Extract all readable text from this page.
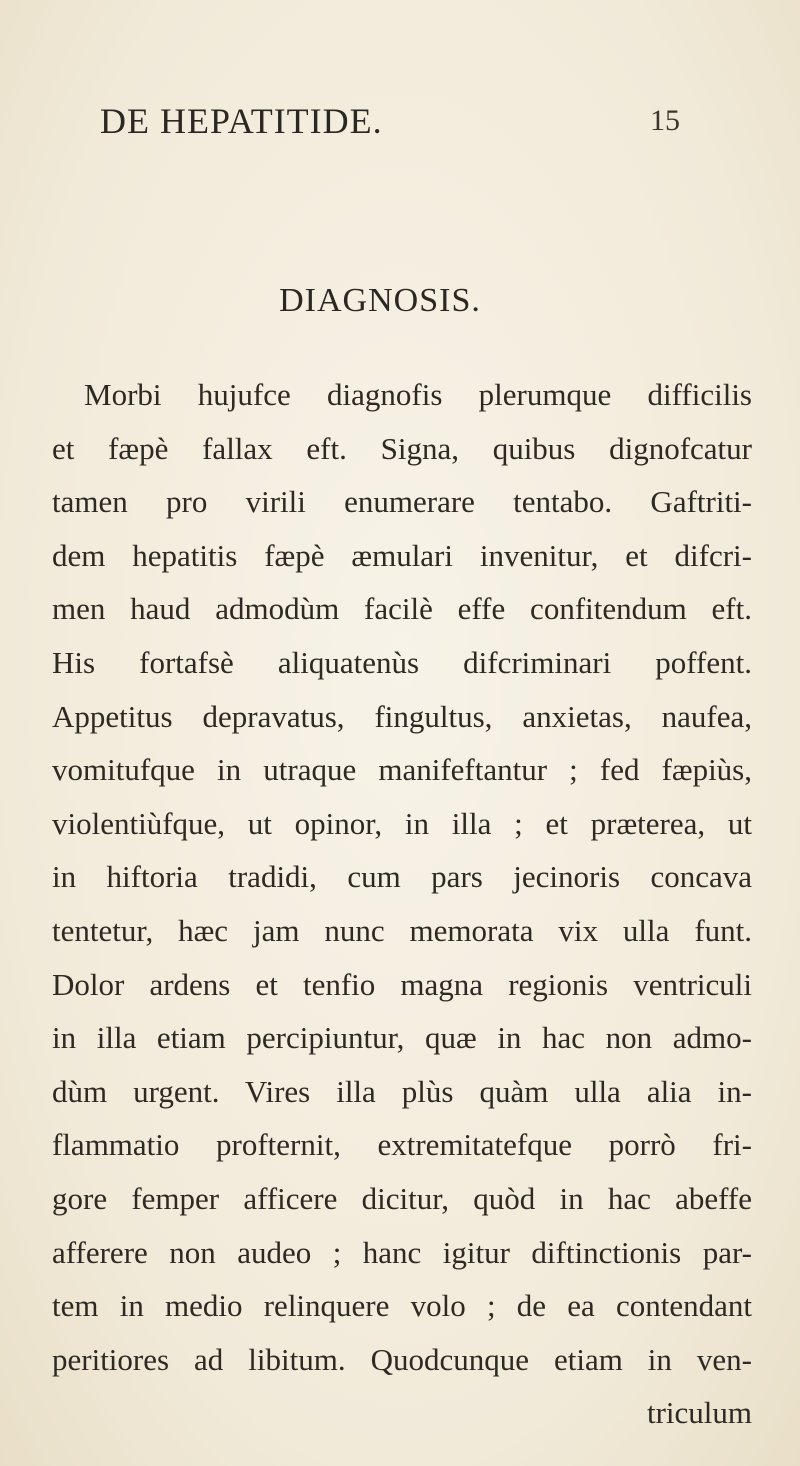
DE HEPATITIDE.	15
DIAGNOSIS.

Morbi hujufce diagnofis plerumque difficilis
et fæpè fallax eft. Signa, quibus dignofcatur
tamen pro virili enumerare tentabo. Gaftriti-
dem hepatitis fæpè æmulari invenitur, et difcri-
men haud admodùm facilè effe confitendum eft.
His fortafsè aliquatenùs difcriminari poffent.
Appetitus depravatus, fingultus, anxietas, naufea,
vomitufque in utraque manifeftantur ; fed fæpiùs,
violentiùfque, ut opinor, in illa ; et prætereа, ut
in hiftoria tradidi, cum pars jecinoris concava
tentetur, hæc jam nunc memorata vix ulla funt.
Dolor ardens et tenfio magna regionis ventriculi
in illa etiam percipiuntur, quæ in hac non admo-
dùm urgent. Vires illa plùs quàm ulla alia in-
flammatio profternit, extremitatefque porrò fri-
gore femper afficere dicitur, quòd in hac abeffe
afferere non audeo ; hanc igitur diftinctionis par-
tem in medio relinquere volo ; de ea contendant
peritiores ad libitum. Quodcunque etiam in ven-
triculum
